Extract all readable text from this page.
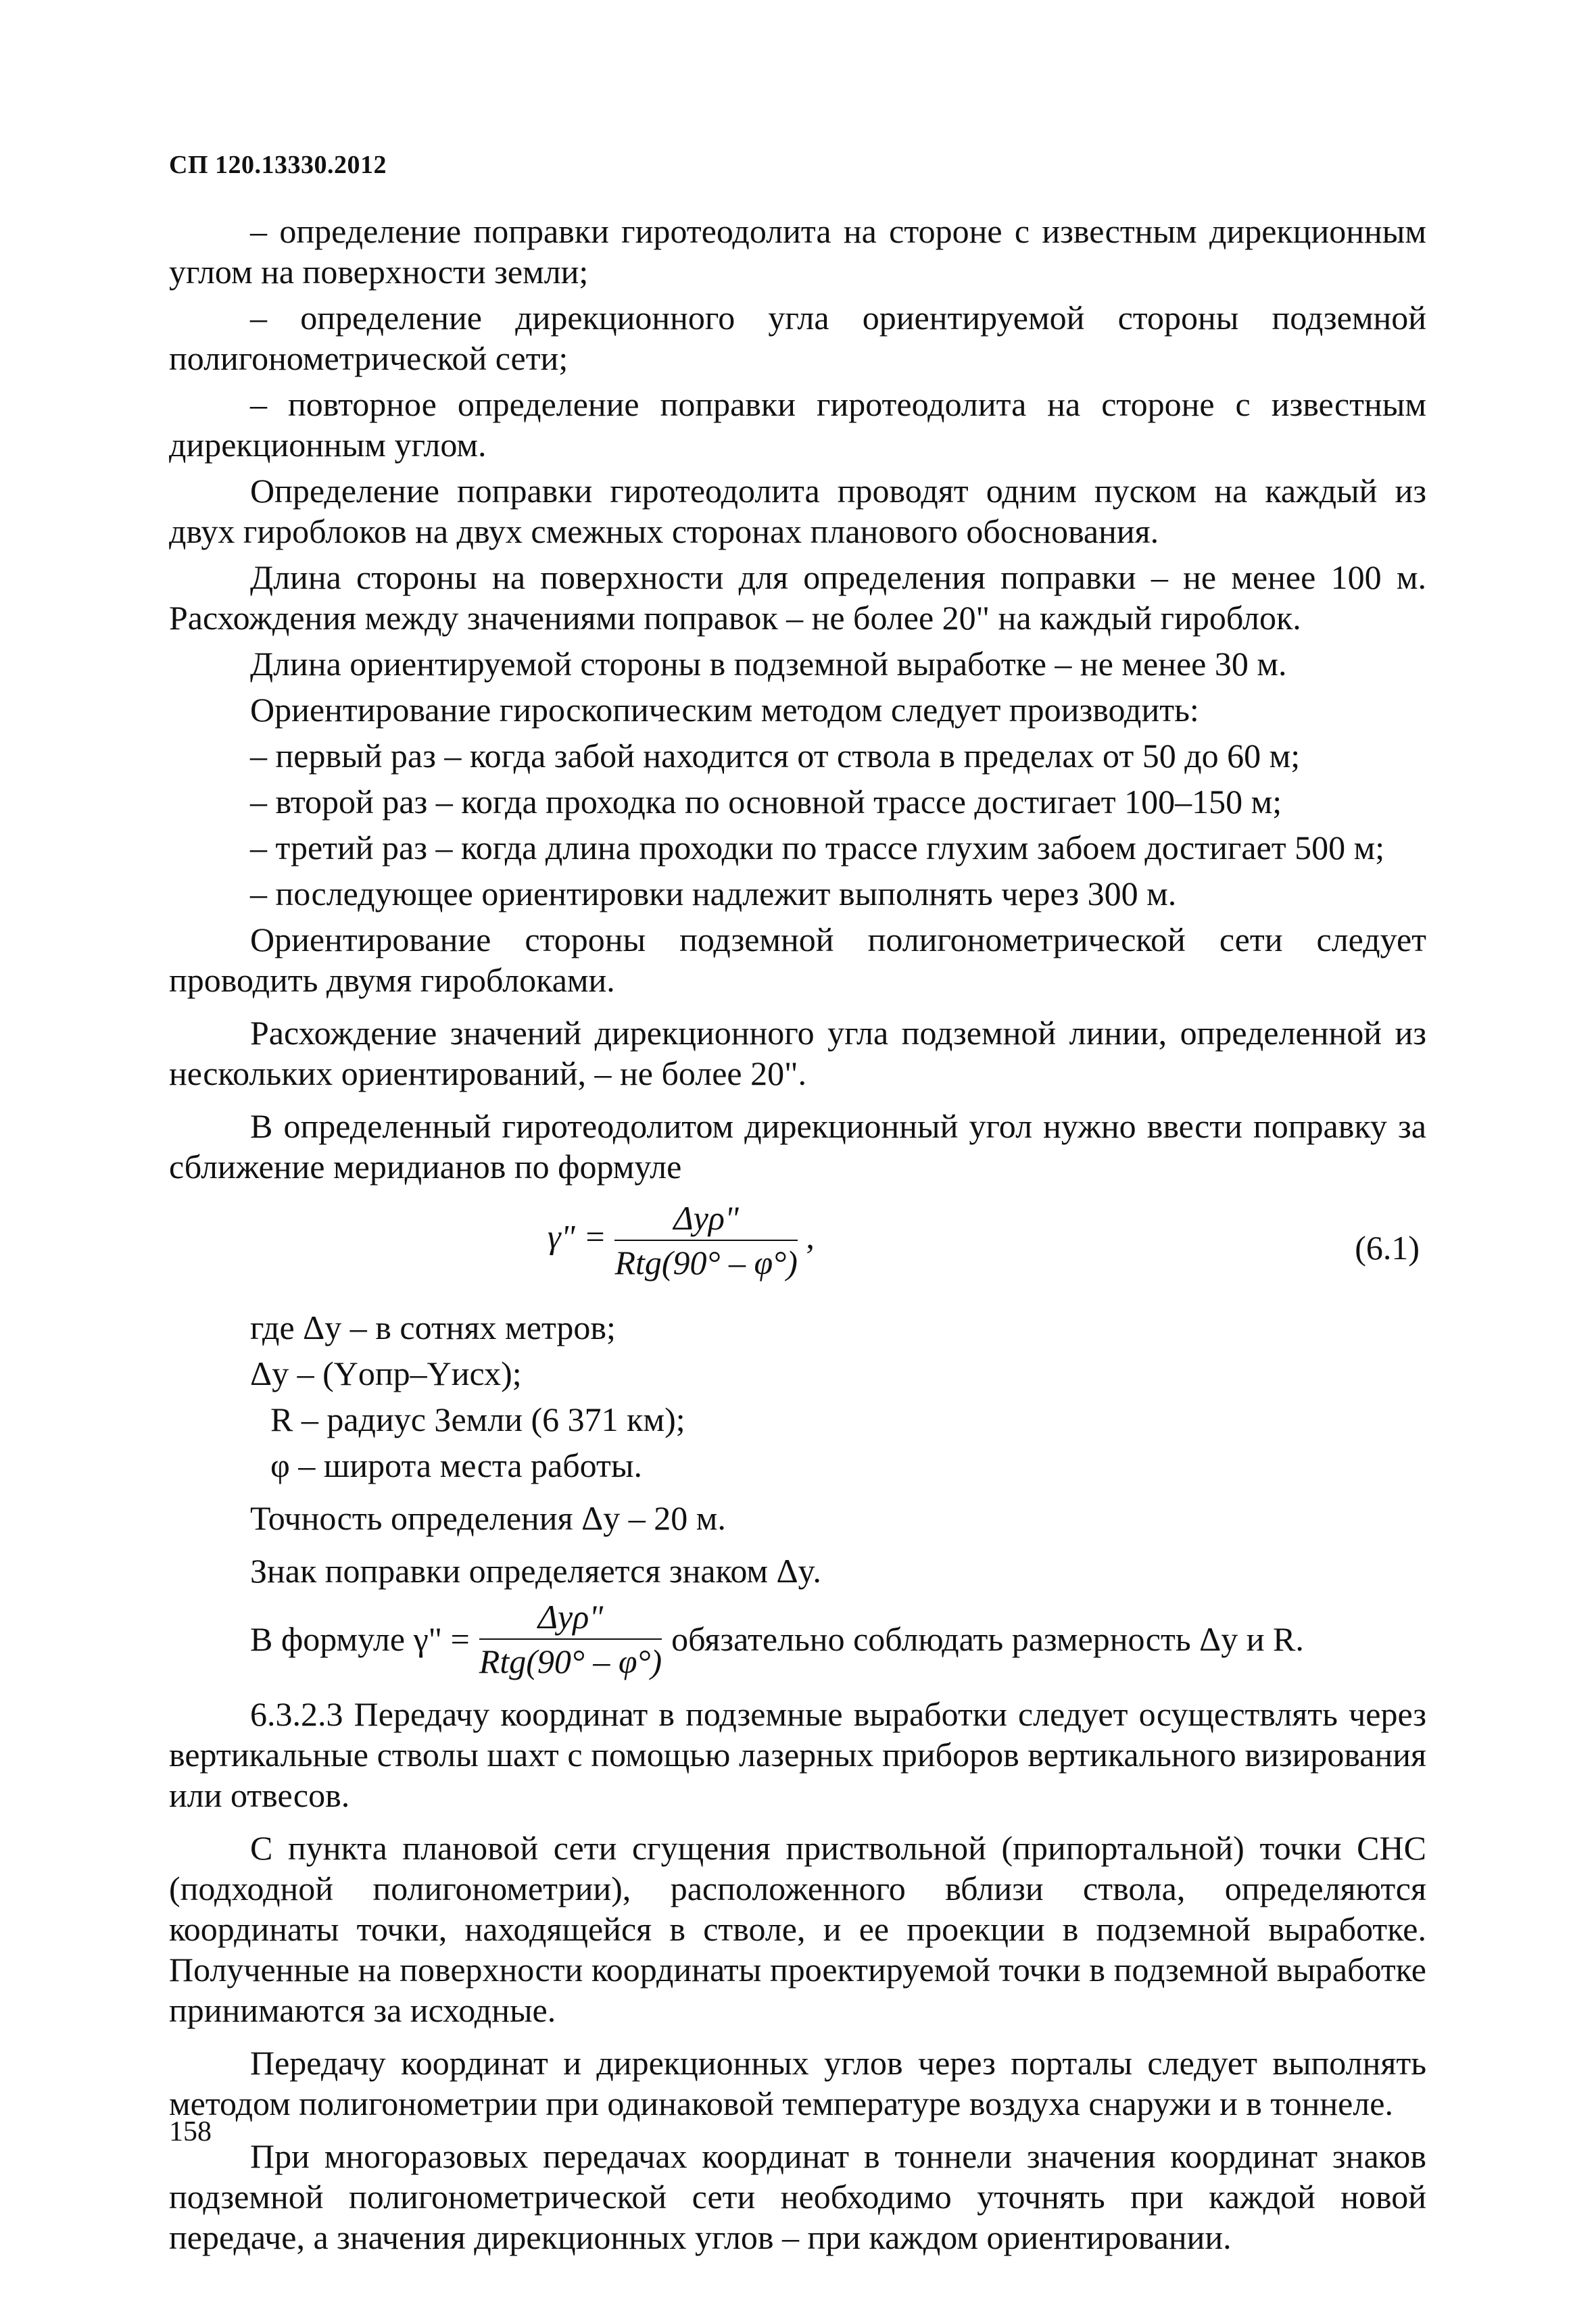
СП 120.13330.2012

– определение поправки гиротеодолита на стороне с известным дирекционным углом на поверхности земли;

– определение дирекционного угла ориентируемой стороны подземной полигонометрической сети;

– повторное определение поправки гиротеодолита на стороне с известным дирекционным углом.

Определение поправки гиротеодолита проводят одним пуском на каждый из двух гироблоков на двух смежных сторонах планового обоснования.

Длина стороны на поверхности для определения поправки – не менее 100 м. Расхождения между значениями поправок – не более 20" на каждый гироблок.

Длина ориентируемой стороны в подземной выработке – не менее 30 м.

Ориентирование гироскопическим методом следует производить:

– первый раз – когда забой находится от ствола в пределах от 50 до 60 м;

– второй раз – когда проходка по основной трассе достигает 100–150 м;

– третий раз – когда длина проходки по трассе глухим забоем достигает 500 м;

– последующее ориентировки надлежит выполнять через 300 м.

Ориентирование стороны подземной полигонометрической сети следует проводить двумя гироблоками.

Расхождение значений дирекционного угла подземной линии, определенной из нескольких ориентирований, – не более 20".

В определенный гиротеодолитом дирекционный угол нужно ввести поправку за сближение меридианов по формуле

γ" = $\frac{\text{Δyρ"}}{\text{Rtg(90° – φ°)}}$ ,	(6.1)

где Δy – в сотнях метров;

Δy – (Yопр–Yисх);

R – радиус Земли (6 371 км);

φ – широта места работы.

Точность определения Δy – 20 м.

Знак поправки определяется знаком Δy.

В формуле γ" = $\frac{\text{Δyρ"}}{\text{Rtg(90° – φ°)}}$ обязательно соблюдать размерность Δy и R.

6.3.2.3 Передачу координат в подземные выработки следует осуществлять через вертикальные стволы шахт с помощью лазерных приборов вертикального визирования или отвесов.

С пункта плановой сети сгущения приствольной (припортальной) точки СНС (подходной полигонометрии), расположенного вблизи ствола, определяются координаты точки, находящейся в стволе, и ее проекции в подземной выработке. Полученные на поверхности координаты проектируемой точки в подземной выработке принимаются за исходные.

Передачу координат и дирекционных углов через порталы следует выполнять методом полигонометрии при одинаковой температуре воздуха снаружи и в тоннеле.

При многоразовых передачах координат в тоннели значения координат знаков подземной полигонометрической сети необходимо уточнять при каждой новой передаче, а значения дирекционных углов – при каждом ориентировании.

158
